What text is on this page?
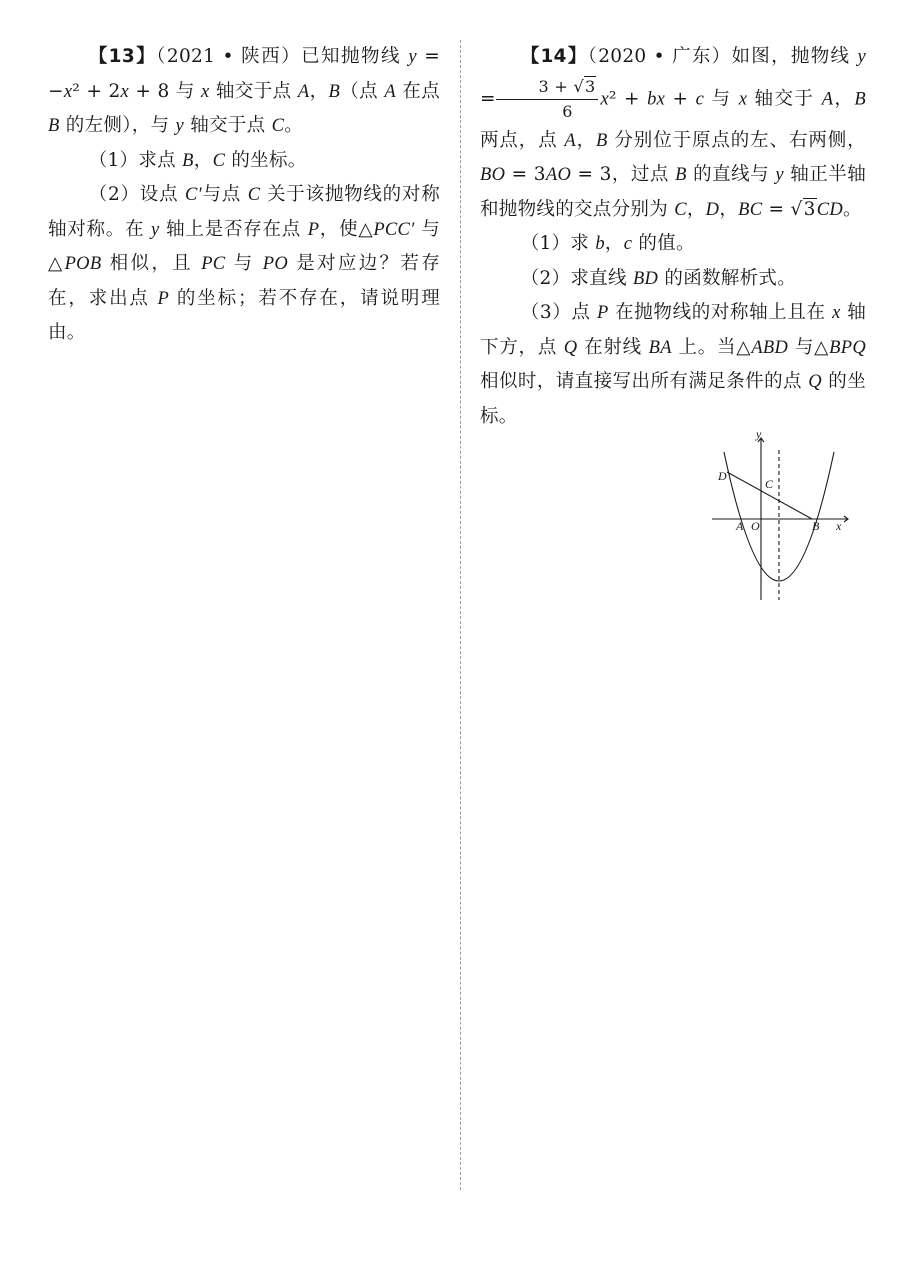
【13】（2021 • 陕西）已知抛物线 y = −x² + 2x + 8 与 x 轴交于点 A，B（点 A 在点 B 的左侧），与 y 轴交于点 C。

（1）求点 B，C 的坐标。

（2）设点 C′与点 C 关于该抛物线的对称轴对称。在 y 轴上是否存在点 P，使△PCC′ 与△POB 相似，且 PC 与 PO 是对应边？若存在，求出点 P 的坐标；若不存在，请说明理由。

【14】（2020 • 广东）如图，抛物线 $y = \frac{3 + √3}{6} x^2$ + bx + c 与 x 轴交于 A，B 两点，点 A，B 分别位于原点的左、右两侧，BO = 3AO = 3，过点 B 的直线与 y 轴正半轴和抛物线的交点分别为 C，D，BC = √3CD。

（1）求 b，c 的值。

（2）求直线 BD 的函数解析式。

（3）点 P 在抛物线的对称轴上且在 x 轴下方，点 Q 在射线 BA 上。当△ABD 与△BPQ 相似时，请直接写出所有满足条件的点 Q 的坐标。

y
x
D
C
A O	B
